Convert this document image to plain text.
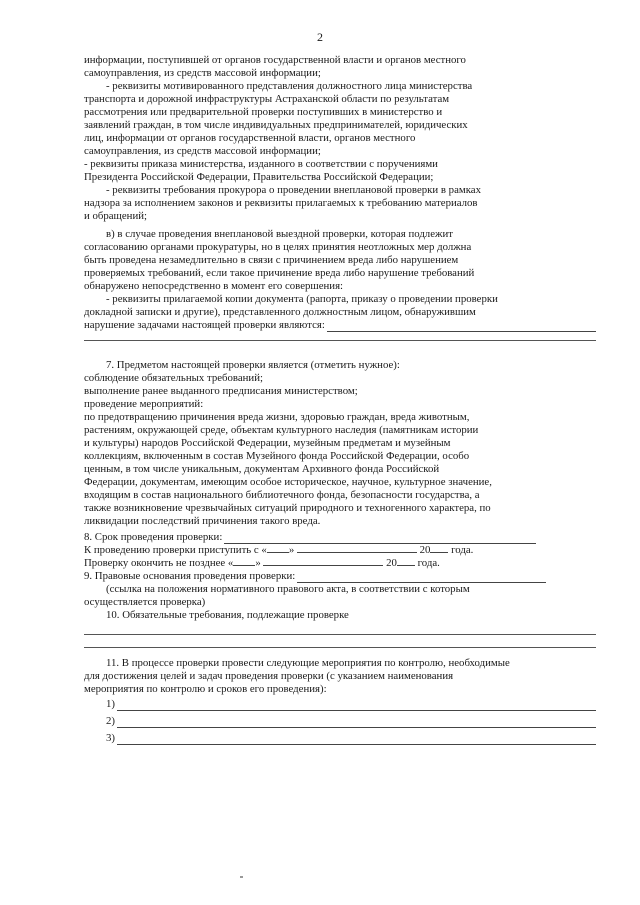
2

информации, поступившей от органов государственной власти и органов местного

самоуправления, из средств массовой информации;

- реквизиты мотивированного представления должностного лица министерства

транспорта и дорожной инфраструктуры Астраханской области по результатам

рассмотрения или предварительной проверки поступивших в министерство и

заявлений граждан, в том числе индивидуальных предпринимателей, юридических

лиц, информации от органов государственной власти, органов местного

самоуправления, из средств массовой информации;

- реквизиты приказа министерства, изданного в соответствии с поручениями

Президента Российской Федерации, Правительства Российской Федерации;

- реквизиты требования прокурора о проведении внеплановой проверки в рамках

надзора за исполнением законов и реквизиты прилагаемых к требованию материалов

и обращений;

в) в случае проведения внеплановой выездной проверки, которая подлежит

согласованию органами прокуратуры, но в целях принятия неотложных мер должна

быть проведена незамедлительно в связи с причинением вреда либо нарушением

проверяемых требований, если такое причинение вреда либо нарушение требований

обнаружено непосредственно в момент его совершения:

- реквизиты прилагаемой копии документа (рапорта, приказу о проведении проверки

докладной записки и другие), представленного должностным лицом, обнаружившим

нарушение задачами настоящей проверки являются:

7. Предметом настоящей проверки является (отметить нужное):

соблюдение обязательных требований;

выполнение ранее выданного предписания министерством;

проведение мероприятий:

по предотвращению причинения вреда жизни, здоровью граждан, вреда животным,

растениям, окружающей среде, объектам культурного наследия (памятникам истории

и культуры) народов Российской Федерации, музейным предметам и музейным

коллекциям, включенным в состав Музейного фонда Российской Федерации, особо

ценным, в том числе уникальным, документам Архивного фонда Российской

Федерации, документам, имеющим особое историческое, научное, культурное значение,

входящим в состав национального библиотечного фонда, безопасности государства, а

также возникновение чрезвычайных ситуаций природного и техногенного характера, по

ликвидации последствий причинения такого вреда.

8. Срок проведения проверки:

К проведению проверки приступить с « »	20 года.

Проверку окончить не позднее « »	20 года.

9. Правовые основания проведения проверки:

(ссылка на положения нормативного правового акта, в соответствии с которым

осуществляется проверка)

10. Обязательные требования, подлежащие проверке

11. В процессе проверки провести следующие мероприятия по контролю, необходимые

для достижения целей и задач проведения проверки (с указанием наименования

мероприятия по контролю и сроков его проведения):

1)
2)
3)
